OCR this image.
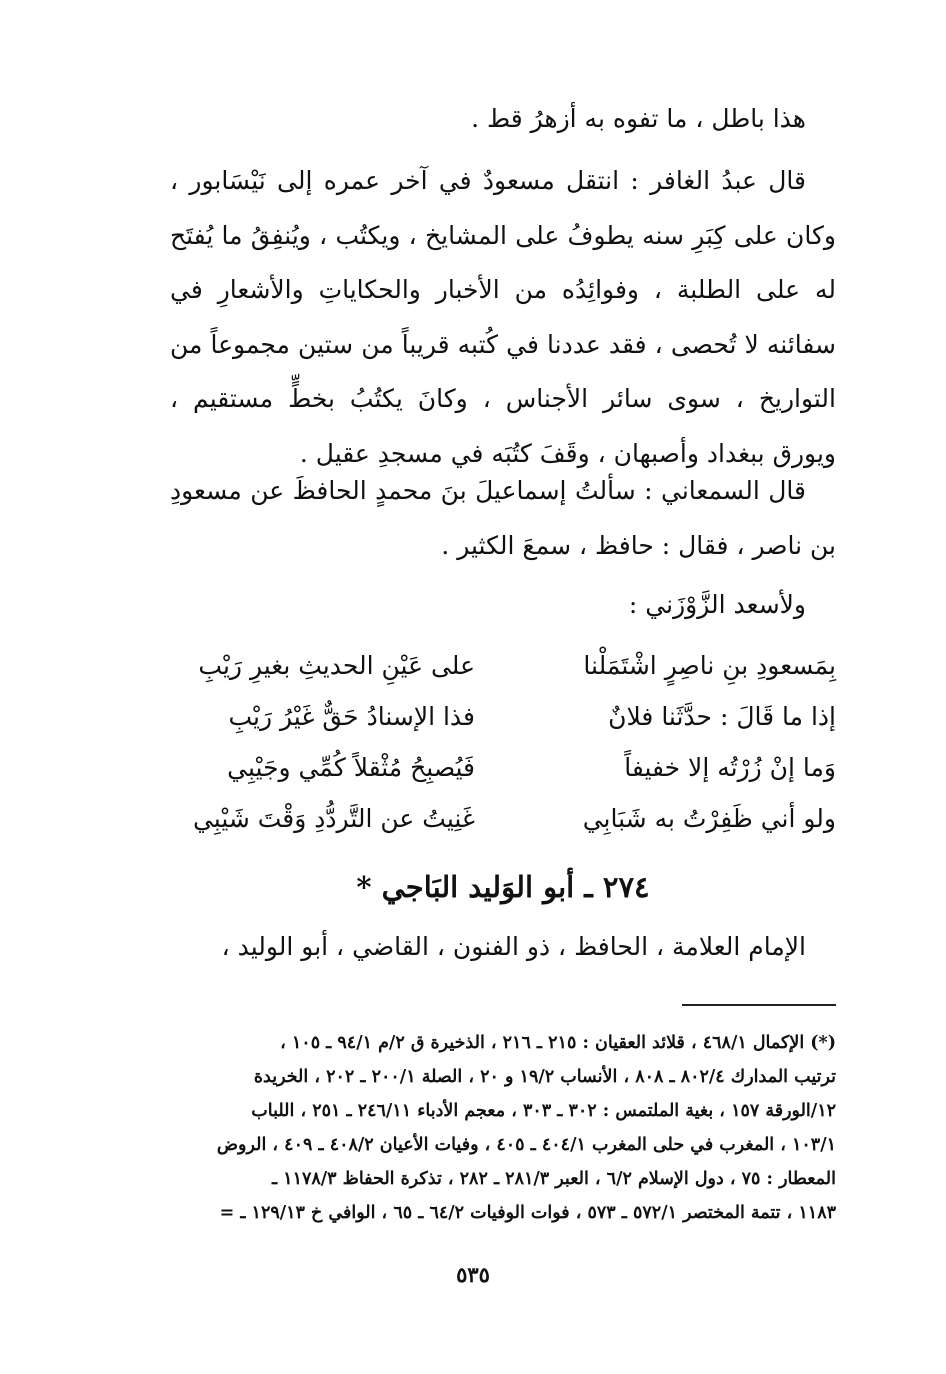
هذا باطل ، ما تفوه به أزهرُ قط .

قال عبدُ الغافر : انتقل مسعودٌ في آخر عمره إلى نَيْسَابور ، وكان على كِبَرِ سنه يطوفُ على المشايخ ، ويكتُب ، ويُنفِقُ ما يُفتَح له على الطلبة ، وفوائِدُه من الأخبار والحكاياتِ والأشعارِ في سفائنه لا تُحصى ، فقد عددنا في كُتبه قريباً من ستين مجموعاً من التواريخ ، سوى سائر الأجناس ، وكانَ يكتُبُ بخطٍّ مستقيم ، ويورق ببغداد وأصبهان ، وقَفَ كتُبَه في مسجدِ عقيل .

قال السمعاني : سألتُ إسماعيلَ بنَ محمدٍ الحافظَ عن مسعودِ بن ناصر ، فقال : حافظ ، سمعَ الكثير .

ولأسعد الزَّوْزَني :

بِمَسعودِ بنِ ناصِرٍ اشْتَمَلْنا
على عَيْنِ الحديثِ بغيرِ رَيْبِ
إذا ما قَالَ : حدَّثَنا فلانٌ
فذا الإسنادُ حَقٌّ غَيْرُ رَيْبِ
وَما إنْ زُرْتُه إلا خفيفاً
فَيُصبِحُ مُثْقلاً كُمِّي وجَيْبِي
ولو أني ظَفِرْتُ به شَبَابِي
غَنِيتُ عن التَّردُّدِ وَقْتَ شَيْبِي
٢٧٤ ـ أبو الوَليد البَاجي *

الإمام العلامة ، الحافظ ، ذو الفنون ، القاضي ، أبو الوليد ،

(*) الإكمال ٤٦٨/١ ، قلائد العقيان : ٢١٥ ـ ٢١٦ ، الذخيرة ق ٢/م ٩٤/١ ـ ١٠٥ ،
ترتيب المدارك ٨٠٢/٤ ـ ٨٠٨ ، الأنساب ١٩/٢ و ٢٠ ، الصلة ٢٠٠/١ ـ ٢٠٢ ، الخريدة
١٢/الورقة ١٥٧ ، بغية الملتمس : ٣٠٢ ـ ٣٠٣ ، معجم الأدباء ٢٤٦/١١ ـ ٢٥١ ، اللباب
١٠٣/١ ، المغرب في حلى المغرب ٤٠٤/١ ـ ٤٠٥ ، وفيات الأعيان ٤٠٨/٢ ـ ٤٠٩ ، الروض
المعطار : ٧٥ ، دول الإسلام ٦/٢ ، العبر ٢٨١/٣ ـ ٢٨٢ ، تذكرة الحفاظ ١١٧٨/٣ ـ
١١٨٣ ، تتمة المختصر ٥٧٢/١ ـ ٥٧٣ ، فوات الوفيات ٦٤/٢ ـ ٦٥ ، الوافي خ ١٢٩/١٣ ـ =
٥٣٥
